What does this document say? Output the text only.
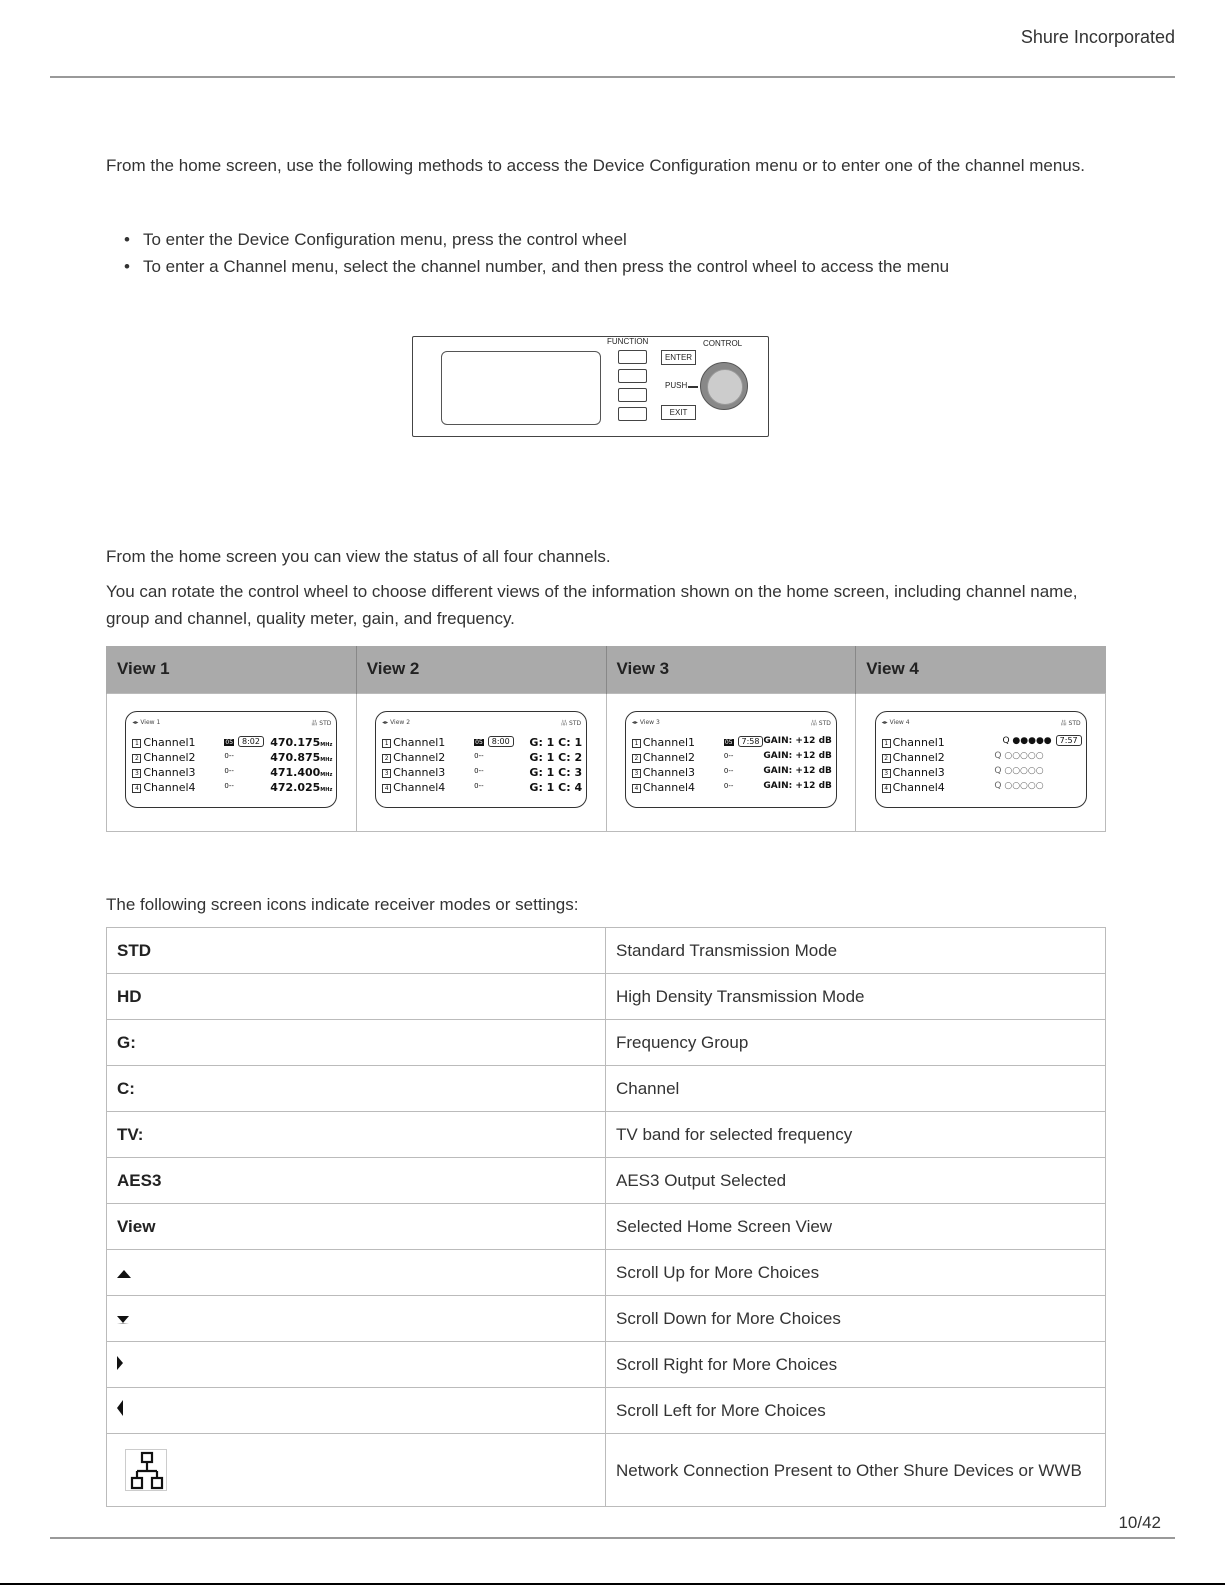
Shure Incorporated
From the home screen, use the following methods to access the Device Configuration menu or to enter one of the channel menus.
• To enter the Device Configuration menu, press the control wheel
• To enter a Channel menu, select the channel number, and then press the control wheel to access the menu
FUNCTION	CONTROL
ENTER
PUSH
EXIT
From the home screen you can view the status of all four channels.
You can rotate the control wheel to choose different views of the information shown on the home screen, including channel name, group and channel, quality meter, gain, and frequency.
View 1	View 2	View 3	View 4

◂▸ View 1	品 STD
1 Channel1	05 8:02 470.175MHz
2 Channel2	0--	470.875MHz
3 Channel3	0--	471.400MHz
4 Channel4	0--	472.025MHz

◂▸ View 2	品 STD
1 Channel1	05 8:00	G: 1 C: 1
2 Channel2	0--	G: 1 C: 2
3 Channel3	0--	G: 1 C: 3
4 Channel4	0--	G: 1 C: 4

◂▸ View 3	品 STD
1 Channel1	05 7:58 GAIN: +12 dB
2 Channel2	0--	GAIN: +12 dB
3 Channel3	0--	GAIN: +12 dB
4 Channel4	0--	GAIN: +12 dB

◂▸ View 4	品 STD
1 Channel1	Q ●●●●● 7:57
2 Channel2	Q ○○○○○
3 Channel3	Q ○○○○○
4 Channel4	Q ○○○○○
The following screen icons indicate receiver modes or settings:
STD	Standard Transmission Mode
HD	High Density Transmission Mode
G:	Frequency Group
C:	Channel
TV:	TV band for selected frequency
AES3	AES3 Output Selected
View	Selected Home Screen View
	Scroll Up for More Choices
	Scroll Down for More Choices
	Scroll Right for More Choices
	Scroll Left for More Choices
	Network Connection Present to Other Shure Devices or WWB
10/42
